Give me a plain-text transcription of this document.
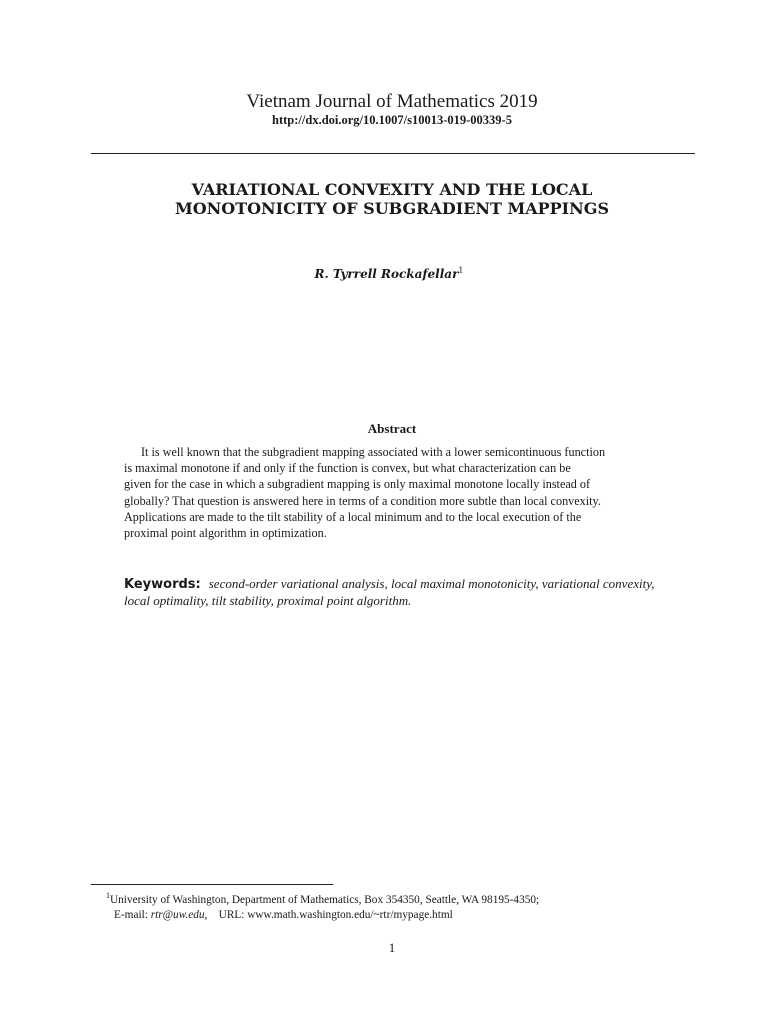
Vietnam Journal of Mathematics 2019
http://dx.doi.org/10.1007/s10013-019-00339-5
VARIATIONAL CONVEXITY AND THE LOCAL
MONOTONICITY OF SUBGRADIENT MAPPINGS
R. Tyrrell Rockafellar$^1$
Abstract
It is well known that the subgradient mapping associated with a lower semicontinuous function
is maximal monotone if and only if the function is convex, but what characterization can be
given for the case in which a subgradient mapping is only maximal monotone locally instead of
globally? That question is answered here in terms of a condition more subtle than local convexity.
Applications are made to the tilt stability of a local minimum and to the local execution of the
proximal point algorithm in optimization.
Keywords: second-order variational analysis, local maximal monotonicity, variational convexity, local optimality, tilt stability, proximal point algorithm.
$^1$University of Washington, Department of Mathematics, Box 354350, Seattle, WA 98195-4350;
E-mail: rtr@uw.edu, URL: www.math.washington.edu/~rtr/mypage.html
1
